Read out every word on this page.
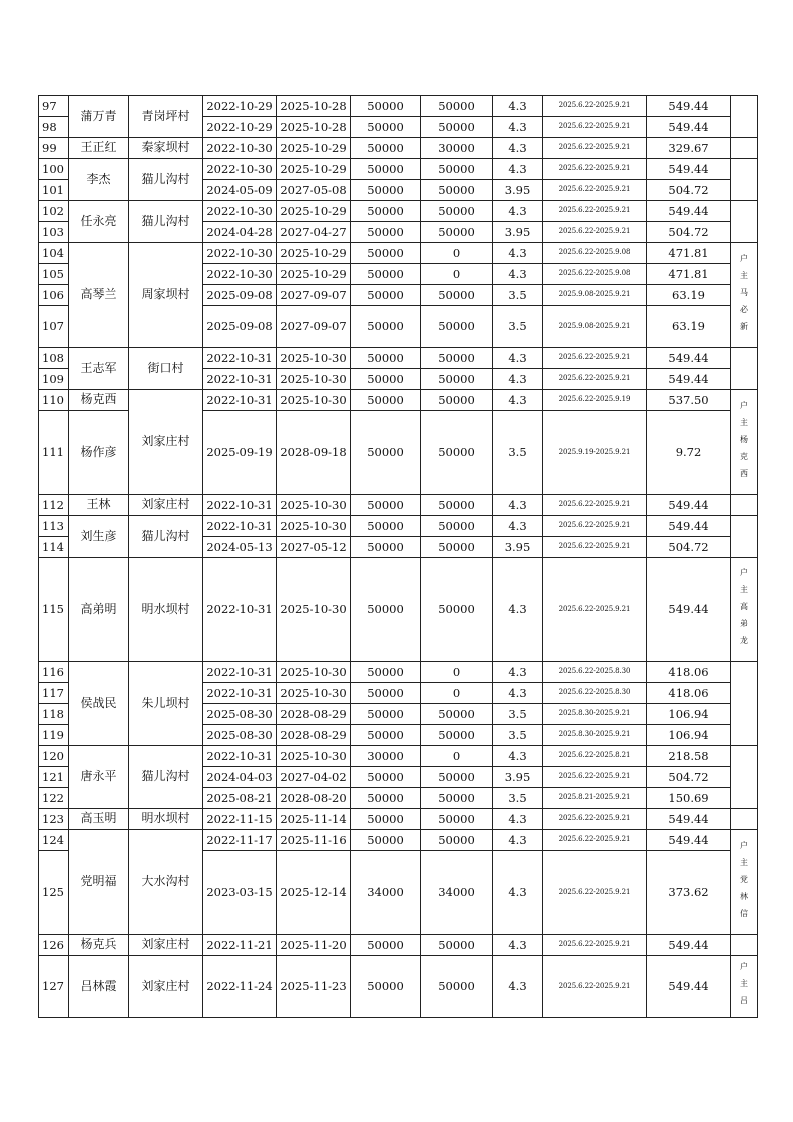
97	蒲万青	青岗坪村	2022-10-29	2025-10-28	50000	50000	4.3	2025.6.22-2025.9.21	549.44	
98			2022-10-29	2025-10-28	50000	50000	4.3	2025.6.22-2025.9.21	549.44	
99	王正红	秦家坝村	2022-10-30	2025-10-29	50000	30000	4.3	2025.6.22-2025.9.21	329.67	
100	李杰	猫儿沟村	2022-10-30	2025-10-29	50000	50000	4.3	2025.6.22-2025.9.21	549.44	
101			2024-05-09	2027-05-08	50000	50000	3.95	2025.6.22-2025.9.21	504.72	
102	任永亮	猫儿沟村	2022-10-30	2025-10-29	50000	50000	4.3	2025.6.22-2025.9.21	549.44	
103			2024-04-28	2027-04-27	50000	50000	3.95	2025.6.22-2025.9.21	504.72	
104	高琴兰	周家坝村	2022-10-30	2025-10-29	50000	0	4.3	2025.6.22-2025.9.08	471.81	户
主
马
必
新

105			2022-10-30	2025-10-29	50000	0	4.3	2025.6.22-2025.9.08	471.81	
106			2025-09-08	2027-09-07	50000	50000	3.5	2025.9.08-2025.9.21	63.19	
107			2025-09-08	2027-09-07	50000	50000	3.5	2025.9.08-2025.9.21	63.19	
108	王志军	街口村	2022-10-31	2025-10-30	50000	50000	4.3	2025.6.22-2025.9.21	549.44	
109			2022-10-31	2025-10-30	50000	50000	4.3	2025.6.22-2025.9.21	549.44	
110	杨克西	刘家庄村	2022-10-31	2025-10-30	50000	50000	4.3	2025.6.22-2025.9.19	537.50	户
主
杨
克
西

111	杨作彦		2025-09-19	2028-09-18	50000	50000	3.5	2025.9.19-2025.9.21	9.72	
112	王林	刘家庄村	2022-10-31	2025-10-30	50000	50000	4.3	2025.6.22-2025.9.21	549.44	
113	刘生彦	猫儿沟村	2022-10-31	2025-10-30	50000	50000	4.3	2025.6.22-2025.9.21	549.44	
114			2024-05-13	2027-05-12	50000	50000	3.95	2025.6.22-2025.9.21	504.72	
115	高弟明	明水坝村	2022-10-31	2025-10-30	50000	50000	4.3	2025.6.22-2025.9.21	549.44	户
主
高
弟
龙

116	侯战民	朱儿坝村	2022-10-31	2025-10-30	50000	0	4.3	2025.6.22-2025.8.30	418.06	
117			2022-10-31	2025-10-30	50000	0	4.3	2025.6.22-2025.8.30	418.06	
118			2025-08-30	2028-08-29	50000	50000	3.5	2025.8.30-2025.9.21	106.94	
119			2025-08-30	2028-08-29	50000	50000	3.5	2025.8.30-2025.9.21	106.94	
120	唐永平	猫儿沟村	2022-10-31	2025-10-30	30000	0	4.3	2025.6.22-2025.8.21	218.58	
121			2024-04-03	2027-04-02	50000	50000	3.95	2025.6.22-2025.9.21	504.72	
122			2025-08-21	2028-08-20	50000	50000	3.5	2025.8.21-2025.9.21	150.69	
123	高玉明	明水坝村	2022-11-15	2025-11-14	50000	50000	4.3	2025.6.22-2025.9.21	549.44	
124	党明福	大水沟村	2022-11-17	2025-11-16	50000	50000	4.3	2025.6.22-2025.9.21	549.44	户
主
党
林
信

125			2023-03-15	2025-12-14	34000	34000	4.3	2025.6.22-2025.9.21	373.62	
126	杨克兵	刘家庄村	2022-11-21	2025-11-20	50000	50000	4.3	2025.6.22-2025.9.21	549.44	
127	吕林霞	刘家庄村	2022-11-24	2025-11-23	50000	50000	4.3	2025.6.22-2025.9.21	549.44	户
主
吕
